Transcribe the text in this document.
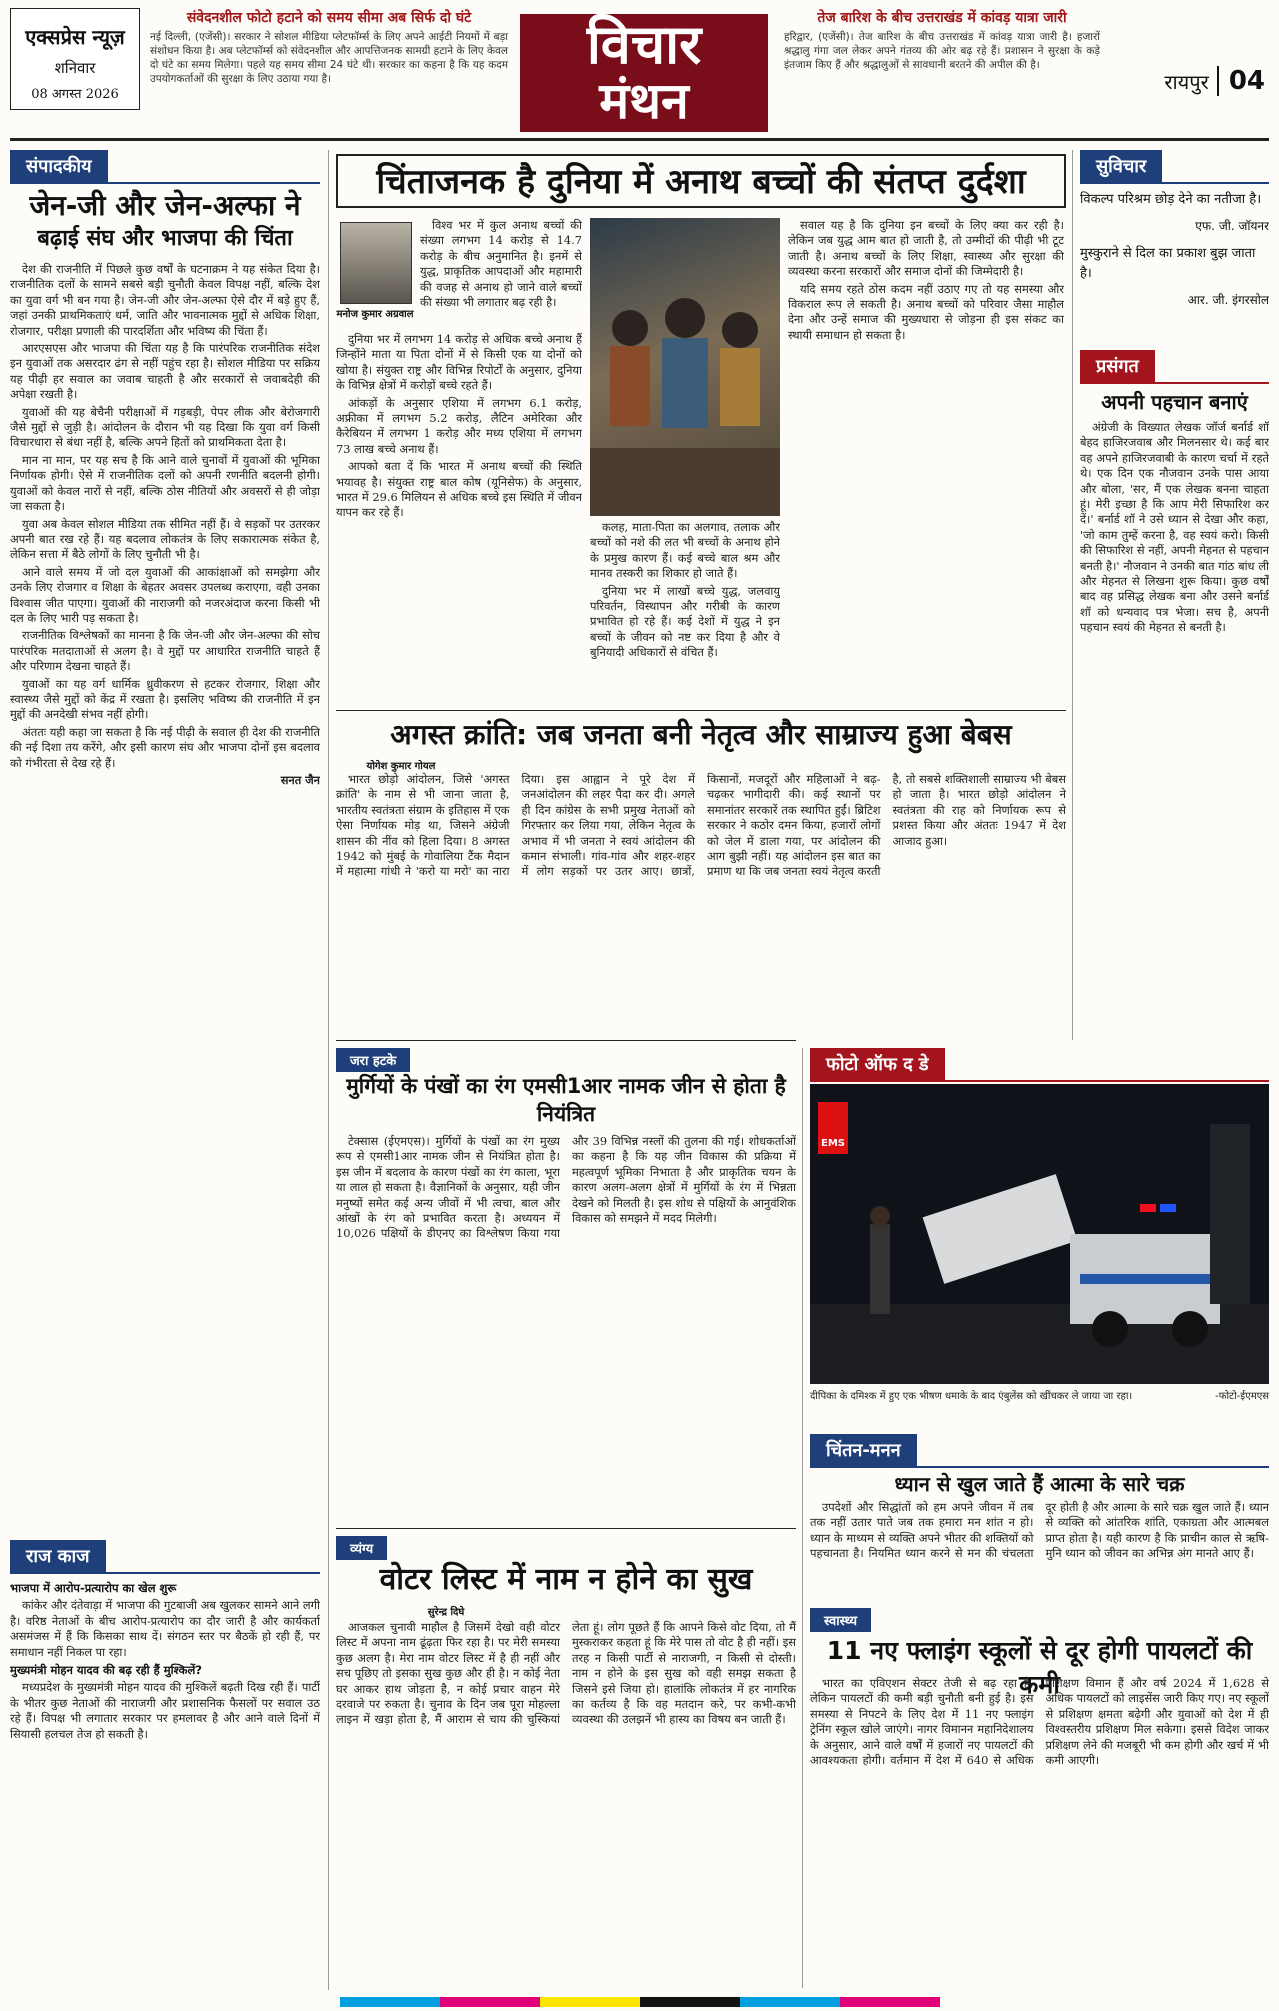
एक्सप्रेस न्यूज़
शनिवार
08 अगस्त 2026
संवेदनशील फोटो हटाने को समय सीमा अब सिर्फ दो घंटे

नई दिल्ली, (एजेंसी)। सरकार ने सोशल मीडिया प्लेटफॉर्म्स के लिए अपने आईटी नियमों में बड़ा संशोधन किया है। अब प्लेटफॉर्म्स को संवेदनशील और आपत्तिजनक सामग्री हटाने के लिए केवल दो घंटे का समय मिलेगा। पहले यह समय सीमा 24 घंटे थी। सरकार का कहना है कि यह कदम उपयोगकर्ताओं की सुरक्षा के लिए उठाया गया है।

विचार
मंथन
तेज बारिश के बीच उत्तराखंड में कांवड़ यात्रा जारी

हरिद्वार, (एजेंसी)। तेज बारिश के बीच उत्तराखंड में कांवड़ यात्रा जारी है। हजारों श्रद्धालु गंगा जल लेकर अपने गंतव्य की ओर बढ़ रहे हैं। प्रशासन ने सुरक्षा के कड़े इंतजाम किए हैं और श्रद्धालुओं से सावधानी बरतने की अपील की है।

रायपुर 04
संपादकीय
जेन-जी और जेन-अल्फा ने
बढ़ाई संघ और भाजपा की चिंता

देश की राजनीति में पिछले कुछ वर्षों के घटनाक्रम ने यह संकेत दिया है। राजनीतिक दलों के सामने सबसे बड़ी चुनौती केवल विपक्ष नहीं, बल्कि देश का युवा वर्ग भी बन गया है। जेन-जी और जेन-अल्फा ऐसे दौर में बड़े हुए हैं, जहां उनकी प्राथमिकताएं धर्म, जाति और भावनात्मक मुद्दों से अधिक शिक्षा, रोजगार, परीक्षा प्रणाली की पारदर्शिता और भविष्य की चिंता हैं।

आरएसएस और भाजपा की चिंता यह है कि पारंपरिक राजनीतिक संदेश इन युवाओं तक असरदार ढंग से नहीं पहुंच रहा है। सोशल मीडिया पर सक्रिय यह पीढ़ी हर सवाल का जवाब चाहती है और सरकारों से जवाबदेही की अपेक्षा रखती है।

युवाओं की यह बेचैनी परीक्षाओं में गड़बड़ी, पेपर लीक और बेरोजगारी जैसे मुद्दों से जुड़ी है। आंदोलन के दौरान भी यह दिखा कि युवा वर्ग किसी विचारधारा से बंधा नहीं है, बल्कि अपने हितों को प्राथमिकता देता है।

मान ना मान, पर यह सच है कि आने वाले चुनावों में युवाओं की भूमिका निर्णायक होगी। ऐसे में राजनीतिक दलों को अपनी रणनीति बदलनी होगी। युवाओं को केवल नारों से नहीं, बल्कि ठोस नीतियों और अवसरों से ही जोड़ा जा सकता है।

युवा अब केवल सोशल मीडिया तक सीमित नहीं हैं। वे सड़कों पर उतरकर अपनी बात रख रहे हैं। यह बदलाव लोकतंत्र के लिए सकारात्मक संकेत है, लेकिन सत्ता में बैठे लोगों के लिए चुनौती भी है।

आने वाले समय में जो दल युवाओं की आकांक्षाओं को समझेगा और उनके लिए रोजगार व शिक्षा के बेहतर अवसर उपलब्ध कराएगा, वही उनका विश्वास जीत पाएगा। युवाओं की नाराजगी को नजरअंदाज करना किसी भी दल के लिए भारी पड़ सकता है।

राजनीतिक विश्लेषकों का मानना है कि जेन-जी और जेन-अल्फा की सोच पारंपरिक मतदाताओं से अलग है। वे मुद्दों पर आधारित राजनीति चाहते हैं और परिणाम देखना चाहते हैं।

युवाओं का यह वर्ग धार्मिक ध्रुवीकरण से हटकर रोजगार, शिक्षा और स्वास्थ्य जैसे मुद्दों को केंद्र में रखता है। इसलिए भविष्य की राजनीति में इन मुद्दों की अनदेखी संभव नहीं होगी।

अंततः यही कहा जा सकता है कि नई पीढ़ी के सवाल ही देश की राजनीति की नई दिशा तय करेंगे, और इसी कारण संघ और भाजपा दोनों इस बदलाव को गंभीरता से देख रहे हैं।

सनत जैन

राज काज
भाजपा में आरोप-प्रत्यारोप का खेल शुरू

कांकेर और दंतेवाड़ा में भाजपा की गुटबाजी अब खुलकर सामने आने लगी है। वरिष्ठ नेताओं के बीच आरोप-प्रत्यारोप का दौर जारी है और कार्यकर्ता असमंजस में हैं कि किसका साथ दें। संगठन स्तर पर बैठकें हो रही हैं, पर समाधान नहीं निकल पा रहा।

मुख्यमंत्री मोहन यादव की बढ़ रही हैं मुश्किलें?

मध्यप्रदेश के मुख्यमंत्री मोहन यादव की मुश्किलें बढ़ती दिख रही हैं। पार्टी के भीतर कुछ नेताओं की नाराजगी और प्रशासनिक फैसलों पर सवाल उठ रहे हैं। विपक्ष भी लगातार सरकार पर हमलावर है और आने वाले दिनों में सियासी हलचल तेज हो सकती है।

चिंताजनक है दुनिया में अनाथ बच्चों की संतप्त दुर्दशा
मनोज कुमार अग्रवाल

विश्व भर में कुल अनाथ बच्चों की संख्या लगभग 14 करोड़ से 14.7 करोड़ के बीच अनुमानित है। इनमें से युद्ध, प्राकृतिक आपदाओं और महामारी की वजह से अनाथ हो जाने वाले बच्चों की संख्या भी लगातार बढ़ रही है।

दुनिया भर में लगभग 14 करोड़ से अधिक बच्चे अनाथ हैं जिन्होंने माता या पिता दोनों में से किसी एक या दोनों को खोया है। संयुक्त राष्ट्र और विभिन्न रिपोर्टों के अनुसार, दुनिया के विभिन्न क्षेत्रों में करोड़ों बच्चे रहते हैं।

आंकड़ों के अनुसार एशिया में लगभग 6.1 करोड़, अफ्रीका में लगभग 5.2 करोड़, लैटिन अमेरिका और कैरेबियन में लगभग 1 करोड़ और मध्य एशिया में लगभग 73 लाख बच्चे अनाथ हैं।

आपको बता दें कि भारत में अनाथ बच्चों की स्थिति भयावह है। संयुक्त राष्ट्र बाल कोष (यूनिसेफ) के अनुसार, भारत में 29.6 मिलियन से अधिक बच्चे इस स्थिति में जीवन यापन कर रहे हैं।

कलह, माता-पिता का अलगाव, तलाक और बच्चों को नशे की लत भी बच्चों के अनाथ होने के प्रमुख कारण हैं। कई बच्चे बाल श्रम और मानव तस्करी का शिकार हो जाते हैं।

दुनिया भर में लाखों बच्चे युद्ध, जलवायु परिवर्तन, विस्थापन और गरीबी के कारण प्रभावित हो रहे हैं। कई देशों में युद्ध ने इन बच्चों के जीवन को नष्ट कर दिया है और वे बुनियादी अधिकारों से वंचित हैं।

सवाल यह है कि दुनिया इन बच्चों के लिए क्या कर रही है। लेकिन जब युद्ध आम बात हो जाती है, तो उम्मीदों की पीढ़ी भी टूट जाती है। अनाथ बच्चों के लिए शिक्षा, स्वास्थ्य और सुरक्षा की व्यवस्था करना सरकारों और समाज दोनों की जिम्मेदारी है।

यदि समय रहते ठोस कदम नहीं उठाए गए तो यह समस्या और विकराल रूप ले सकती है। अनाथ बच्चों को परिवार जैसा माहौल देना और उन्हें समाज की मुख्यधारा से जोड़ना ही इस संकट का स्थायी समाधान हो सकता है।

अगस्त क्रांति: जब जनता बनी नेतृत्व और साम्राज्य हुआ बेबस
योगेश कुमार गोयल

भारत छोड़ो आंदोलन, जिसे 'अगस्त क्रांति' के नाम से भी जाना जाता है, भारतीय स्वतंत्रता संग्राम के इतिहास में एक ऐसा निर्णायक मोड़ था, जिसने अंग्रेजी शासन की नींव को हिला दिया। 8 अगस्त 1942 को मुंबई के गोवालिया टैंक मैदान में महात्मा गांधी ने 'करो या मरो' का नारा दिया। इस आह्वान ने पूरे देश में जनआंदोलन की लहर पैदा कर दी। अगले ही दिन कांग्रेस के सभी प्रमुख नेताओं को गिरफ्तार कर लिया गया, लेकिन नेतृत्व के अभाव में भी जनता ने स्वयं आंदोलन की कमान संभाली। गांव-गांव और शहर-शहर में लोग सड़कों पर उतर आए। छात्रों, किसानों, मजदूरों और महिलाओं ने बढ़-चढ़कर भागीदारी की। कई स्थानों पर समानांतर सरकारें तक स्थापित हुईं। ब्रिटिश सरकार ने कठोर दमन किया, हजारों लोगों को जेल में डाला गया, पर आंदोलन की आग बुझी नहीं। यह आंदोलन इस बात का प्रमाण था कि जब जनता स्वयं नेतृत्व करती है, तो सबसे शक्तिशाली साम्राज्य भी बेबस हो जाता है। भारत छोड़ो आंदोलन ने स्वतंत्रता की राह को निर्णायक रूप से प्रशस्त किया और अंततः 1947 में देश आजाद हुआ।

जरा हटके
मुर्गियों के पंखों का रंग एमसी1आर नामक जीन से होता है नियंत्रित

टेक्सास (ईएमएस)। मुर्गियों के पंखों का रंग मुख्य रूप से एमसी1आर नामक जीन से नियंत्रित होता है। इस जीन में बदलाव के कारण पंखों का रंग काला, भूरा या लाल हो सकता है। वैज्ञानिकों के अनुसार, यही जीन मनुष्यों समेत कई अन्य जीवों में भी त्वचा, बाल और आंखों के रंग को प्रभावित करता है। अध्ययन में 10,026 पक्षियों के डीएनए का विश्लेषण किया गया और 39 विभिन्न नस्लों की तुलना की गई। शोधकर्ताओं का कहना है कि यह जीन विकास की प्रक्रिया में महत्वपूर्ण भूमिका निभाता है और प्राकृतिक चयन के कारण अलग-अलग क्षेत्रों में मुर्गियों के रंग में भिन्नता देखने को मिलती है। इस शोध से पक्षियों के आनुवंशिक विकास को समझने में मदद मिलेगी।

व्यंग्य
वोटर लिस्ट में नाम न होने का सुख
सुरेन्द्र दिघे

आजकल चुनावी माहौल है जिसमें देखो वही वोटर लिस्ट में अपना नाम ढूंढ़ता फिर रहा है। पर मेरी समस्या कुछ अलग है। मेरा नाम वोटर लिस्ट में है ही नहीं और सच पूछिए तो इसका सुख कुछ और ही है। न कोई नेता घर आकर हाथ जोड़ता है, न कोई प्रचार वाहन मेरे दरवाजे पर रुकता है। चुनाव के दिन जब पूरा मोहल्ला लाइन में खड़ा होता है, मैं आराम से चाय की चुस्कियां लेता हूं। लोग पूछते हैं कि आपने किसे वोट दिया, तो मैं मुस्कराकर कहता हूं कि मेरे पास तो वोट है ही नहीं। इस तरह न किसी पार्टी से नाराजगी, न किसी से दोस्ती। नाम न होने के इस सुख को वही समझ सकता है जिसने इसे जिया हो। हालांकि लोकतंत्र में हर नागरिक का कर्तव्य है कि वह मतदान करे, पर कभी-कभी व्यवस्था की उलझनें भी हास्य का विषय बन जाती हैं।

सुविचार
विकल्प परिश्रम छोड़ देने का नतीजा है।
एफ. जी. जॉयनर
मुस्कुराने से दिल का प्रकाश बुझ जाता है।
आर. जी. इंगरसोल
प्रसंगत
अपनी पहचान बनाएं

अंग्रेजी के विख्यात लेखक जॉर्ज बर्नार्ड शॉ बेहद हाजिरजवाब और मिलनसार थे। कई बार वह अपने हाजिरजवाबी के कारण चर्चा में रहते थे। एक दिन एक नौजवान उनके पास आया और बोला, 'सर, मैं एक लेखक बनना चाहता हूं। मेरी इच्छा है कि आप मेरी सिफारिश कर दें।' बर्नार्ड शॉ ने उसे ध्यान से देखा और कहा, 'जो काम तुम्हें करना है, वह स्वयं करो। किसी की सिफारिश से नहीं, अपनी मेहनत से पहचान बनती है।' नौजवान ने उनकी बात गांठ बांध ली और मेहनत से लिखना शुरू किया। कुछ वर्षों बाद वह प्रसिद्ध लेखक बना और उसने बर्नार्ड शॉ को धन्यवाद पत्र भेजा। सच है, अपनी पहचान स्वयं की मेहनत से बनती है।

फोटो ऑफ द डे
EMS
दीपिका के दमिश्क में हुए एक भीषण धमाके के बाद एंबुलेंस को खींचकर ले जाया जा रहा।	-फोटो-ईएमएस
चिंतन-मनन
ध्यान से खुल जाते हैं आत्मा के सारे चक्र

उपदेशों और सिद्धांतों को हम अपने जीवन में तब तक नहीं उतार पाते जब तक हमारा मन शांत न हो। ध्यान के माध्यम से व्यक्ति अपने भीतर की शक्तियों को पहचानता है। नियमित ध्यान करने से मन की चंचलता दूर होती है और आत्मा के सारे चक्र खुल जाते हैं। ध्यान से व्यक्ति को आंतरिक शांति, एकाग्रता और आत्मबल प्राप्त होता है। यही कारण है कि प्राचीन काल से ऋषि-मुनि ध्यान को जीवन का अभिन्न अंग मानते आए हैं।

स्वास्थ्य
11 नए फ्लाइंग स्कूलों से दूर होगी पायलटों की कमी

भारत का एविएशन सेक्टर तेजी से बढ़ रहा है, लेकिन पायलटों की कमी बड़ी चुनौती बनी हुई है। इस समस्या से निपटने के लिए देश में 11 नए फ्लाइंग ट्रेनिंग स्कूल खोले जाएंगे। नागर विमानन महानिदेशालय के अनुसार, आने वाले वर्षों में हजारों नए पायलटों की आवश्यकता होगी। वर्तमान में देश में 640 से अधिक प्रशिक्षण विमान हैं और वर्ष 2024 में 1,628 से अधिक पायलटों को लाइसेंस जारी किए गए। नए स्कूलों से प्रशिक्षण क्षमता बढ़ेगी और युवाओं को देश में ही विश्वस्तरीय प्रशिक्षण मिल सकेगा। इससे विदेश जाकर प्रशिक्षण लेने की मजबूरी भी कम होगी और खर्च में भी कमी आएगी।
